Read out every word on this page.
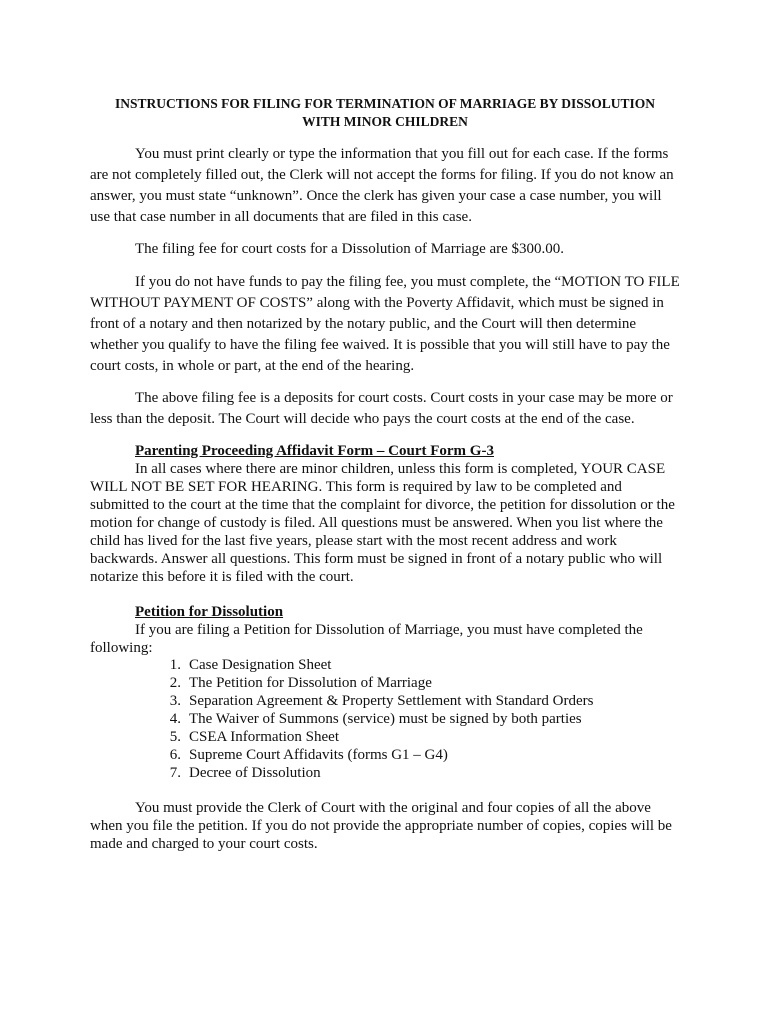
INSTRUCTIONS FOR FILING FOR TERMINATION OF MARRIAGE BY DISSOLUTION
WITH MINOR CHILDREN

You must print clearly or type the information that you fill out for each case. If the forms are not completely filled out, the Clerk will not accept the forms for filing. If you do not know an answer, you must state “unknown”. Once the clerk has given your case a case number, you will use that case number in all documents that are filed in this case.

The filing fee for court costs for a Dissolution of Marriage are $300.00.

If you do not have funds to pay the filing fee, you must complete, the “MOTION TO FILE WITHOUT PAYMENT OF COSTS” along with the Poverty Affidavit, which must be signed in front of a notary and then notarized by the notary public, and the Court will then determine whether you qualify to have the filing fee waived. It is possible that you will still have to pay the court costs, in whole or part, at the end of the hearing.

The above filing fee is a deposits for court costs. Court costs in your case may be more or less than the deposit. The Court will decide who pays the court costs at the end of the case.

Parenting Proceeding Affidavit Form – Court Form G-3

In all cases where there are minor children, unless this form is completed, YOUR CASE WILL NOT BE SET FOR HEARING. This form is required by law to be completed and submitted to the court at the time that the complaint for divorce, the petition for dissolution or the motion for change of custody is filed. All questions must be answered. When you list where the child has lived for the last five years, please start with the most recent address and work backwards. Answer all questions. This form must be signed in front of a notary public who will notarize this before it is filed with the court.

Petition for Dissolution

If you are filing a Petition for Dissolution of Marriage, you must have completed the following:

1. Case Designation Sheet
2. The Petition for Dissolution of Marriage
3. Separation Agreement & Property Settlement with Standard Orders
4. The Waiver of Summons (service) must be signed by both parties
5. CSEA Information Sheet
6. Supreme Court Affidavits (forms G1 – G4)
7. Decree of Dissolution

You must provide the Clerk of Court with the original and four copies of all the above when you file the petition. If you do not provide the appropriate number of copies, copies will be made and charged to your court costs.
